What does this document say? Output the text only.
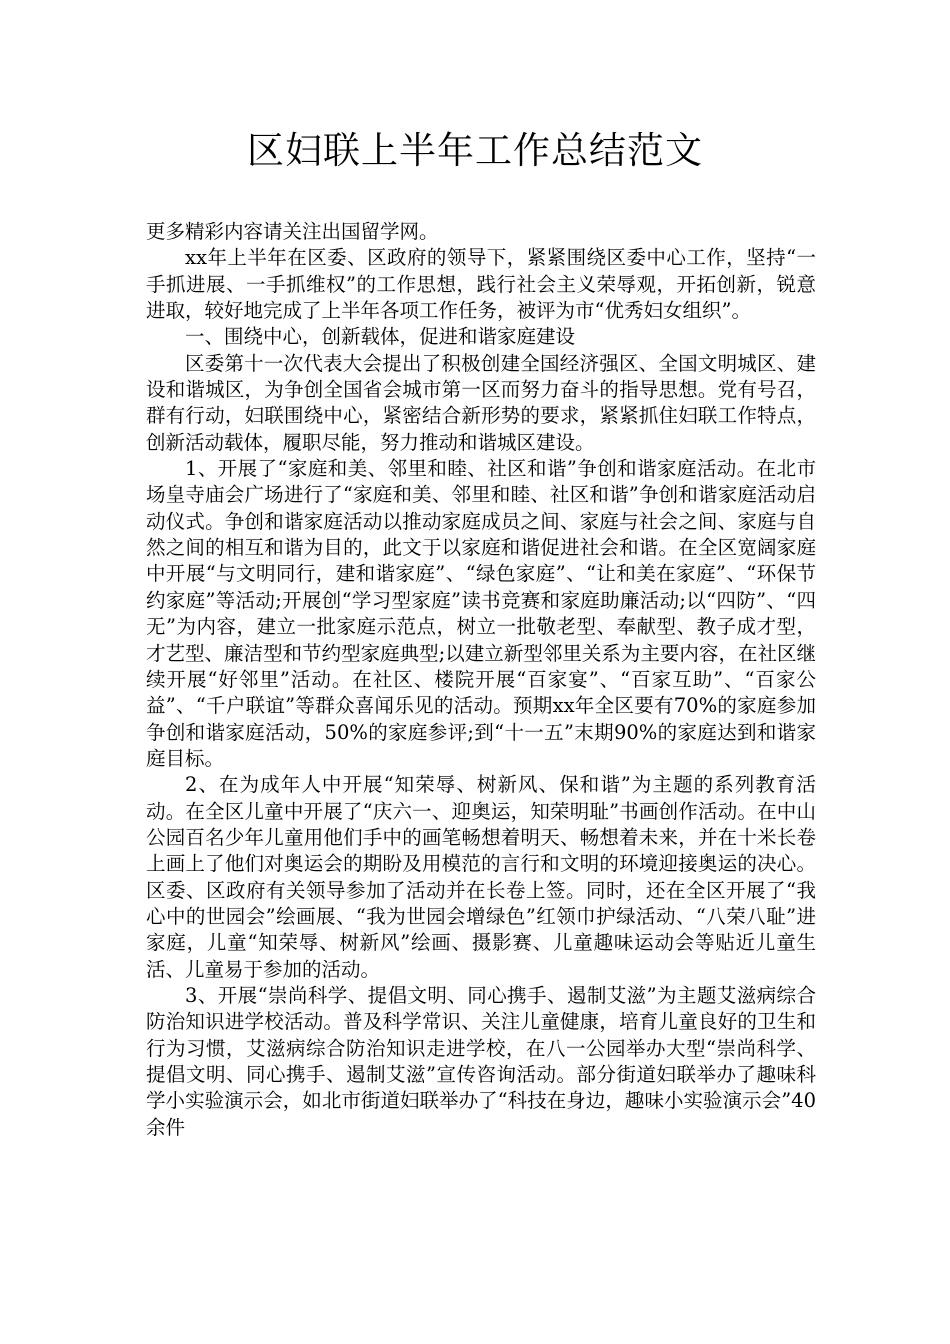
区妇联上半年工作总结范文

更多精彩内容请关注出国留学网。

xx年上半年在区委、区政府的领导下，紧紧围绕区委中心工作，坚持“一手抓进展、一手抓维权”的工作思想，践行社会主义荣辱观，开拓创新，锐意进取，较好地完成了上半年各项工作任务，被评为市“优秀妇女组织”。

一、围绕中心，创新载体，促进和谐家庭建设

区委第十一次代表大会提出了积极创建全国经济强区、全国文明城区、建设和谐城区，为争创全国省会城市第一区而努力奋斗的指导思想。党有号召，群有行动，妇联围绕中心，紧密结合新形势的要求，紧紧抓住妇联工作特点，创新活动载体，履职尽能，努力推动和谐城区建设。

1、开展了“家庭和美、邻里和睦、社区和谐”争创和谐家庭活动。在北市场皇寺庙会广场进行了“家庭和美、邻里和睦、社区和谐”争创和谐家庭活动启动仪式。争创和谐家庭活动以推动家庭成员之间、家庭与社会之间、家庭与自然之间的相互和谐为目的，此文于以家庭和谐促进社会和谐。在全区宽阔家庭中开展“与文明同行，建和谐家庭”、“绿色家庭”、“让和美在家庭”、“环保节约家庭”等活动;开展创“学习型家庭”读书竞赛和家庭助廉活动;以“四防”、“四无”为内容，建立一批家庭示范点，树立一批敬老型、奉献型、教子成才型，才艺型、廉洁型和节约型家庭典型;以建立新型邻里关系为主要内容，在社区继续开展“好邻里”活动。在社区、楼院开展“百家宴”、“百家互助”、“百家公益”、“千户联谊”等群众喜闻乐见的活动。预期xx年全区要有70%的家庭参加争创和谐家庭活动，50%的家庭参评;到“十一五”末期90%的家庭达到和谐家庭目标。

2、在为成年人中开展“知荣辱、树新风、保和谐”为主题的系列教育活动。在全区儿童中开展了“庆六一、迎奥运，知荣明耻”书画创作活动。在中山公园百名少年儿童用他们手中的画笔畅想着明天、畅想着未来，并在十米长卷上画上了他们对奥运会的期盼及用模范的言行和文明的环境迎接奥运的决心。区委、区政府有关领导参加了活动并在长卷上签。同时，还在全区开展了“我心中的世园会”绘画展、“我为世园会增绿色”红领巾护绿活动、“八荣八耻”进家庭，儿童“知荣辱、树新风”绘画、摄影赛、儿童趣味运动会等贴近儿童生活、儿童易于参加的活动。

3、开展“崇尚科学、提倡文明、同心携手、遏制艾滋”为主题艾滋病综合防治知识进学校活动。普及科学常识、关注儿童健康，培育儿童良好的卫生和行为习惯，艾滋病综合防治知识走进学校，在八一公园举办大型“崇尚科学、提倡文明、同心携手、遏制艾滋”宣传咨询活动。部分街道妇联举办了趣味科学小实验演示会，如北市街道妇联举办了“科技在身边，趣味小实验演示会”40余件
